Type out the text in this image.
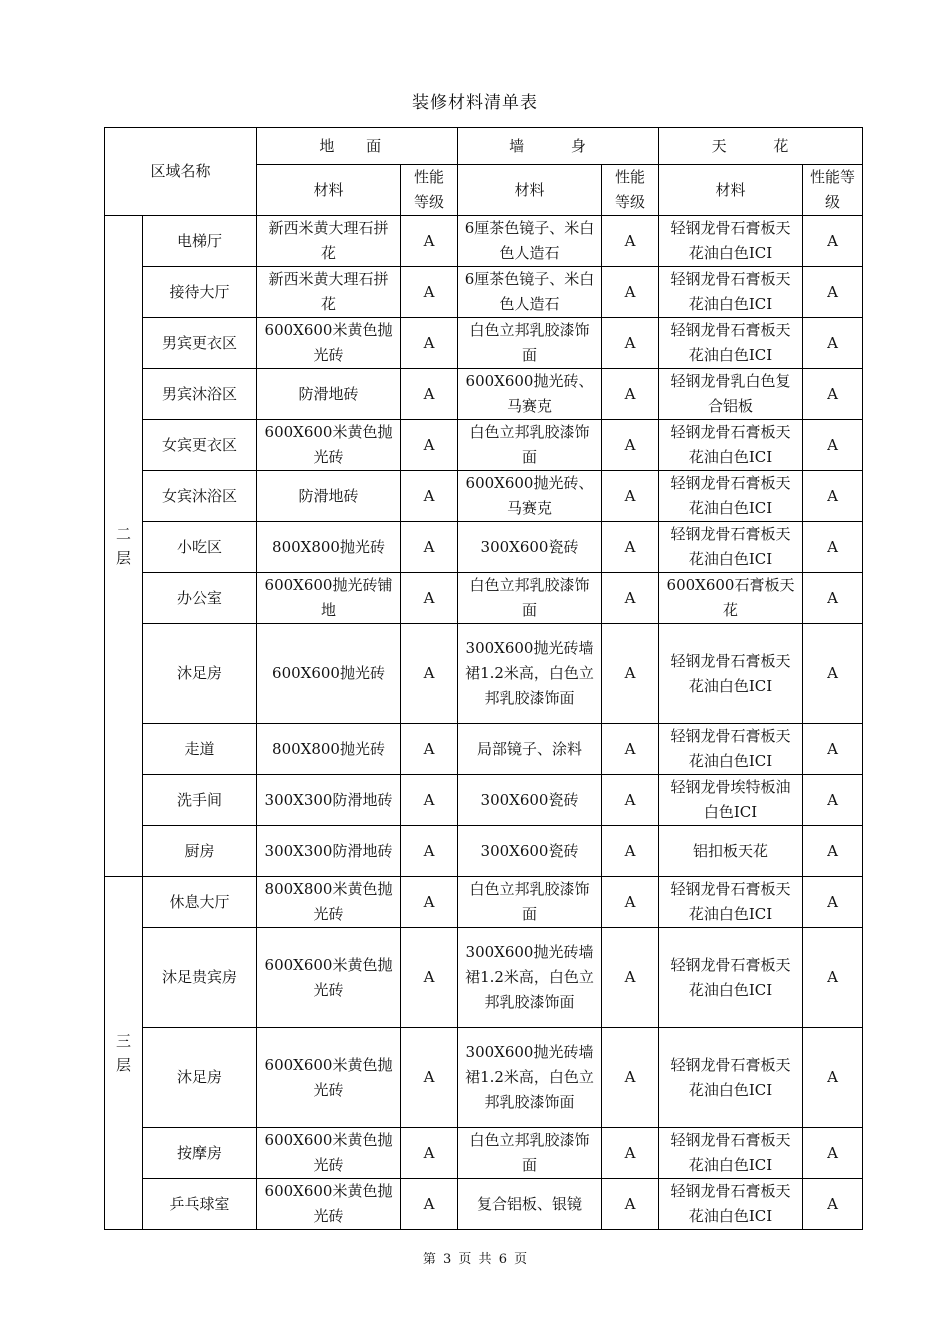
装修材料清单表
区域名称		地 面		墙 身		天 花	
		材料	性能等级	材料	性能等级	材料	性能等级

二层	电梯厅	新西米黄大理石拼花	A	6厘茶色镜子、米白色人造石	A	轻钢龙骨石膏板天花油白色ICI	A
	接待大厅	新西米黄大理石拼花	A	6厘茶色镜子、米白色人造石	A	轻钢龙骨石膏板天花油白色ICI	A
	男宾更衣区	600X600米黄色抛光砖	A	白色立邦乳胶漆饰面	A	轻钢龙骨石膏板天花油白色ICI	A
	男宾沐浴区	防滑地砖	A	600X600抛光砖、马赛克	A	轻钢龙骨乳白色复合铝板	A
	女宾更衣区	600X600米黄色抛光砖	A	白色立邦乳胶漆饰面	A	轻钢龙骨石膏板天花油白色ICI	A
	女宾沐浴区	防滑地砖	A	600X600抛光砖、马赛克	A	轻钢龙骨石膏板天花油白色ICI	A
	小吃区	800X800抛光砖	A	300X600瓷砖	A	轻钢龙骨石膏板天花油白色ICI	A
	办公室	600X600抛光砖铺地	A	白色立邦乳胶漆饰面	A	600X600石膏板天花	A
	沐足房	600X600抛光砖	A	300X600抛光砖墙裙1.2米高，白色立邦乳胶漆饰面	A	轻钢龙骨石膏板天花油白色ICI	A
	走道	800X800抛光砖	A	局部镜子、涂料	A	轻钢龙骨石膏板天花油白色ICI	A
	洗手间	300X300防滑地砖	A	300X600瓷砖	A	轻钢龙骨埃特板油白色ICI	A
	厨房	300X300防滑地砖	A	300X600瓷砖	A	铝扣板天花	A

三层	休息大厅	800X800米黄色抛光砖	A	白色立邦乳胶漆饰面	A	轻钢龙骨石膏板天花油白色ICI	A
	沐足贵宾房	600X600米黄色抛光砖	A	300X600抛光砖墙裙1.2米高，白色立邦乳胶漆饰面	A	轻钢龙骨石膏板天花油白色ICI	A
	沐足房	600X600米黄色抛光砖	A	300X600抛光砖墙裙1.2米高，白色立邦乳胶漆饰面	A	轻钢龙骨石膏板天花油白色ICI	A
	按摩房	600X600米黄色抛光砖	A	白色立邦乳胶漆饰面	A	轻钢龙骨石膏板天花油白色ICI	A
	乒乓球室	600X600米黄色抛光砖	A	复合铝板、银镜	A	轻钢龙骨石膏板天花油白色ICI	A
第 3 页 共 6 页
